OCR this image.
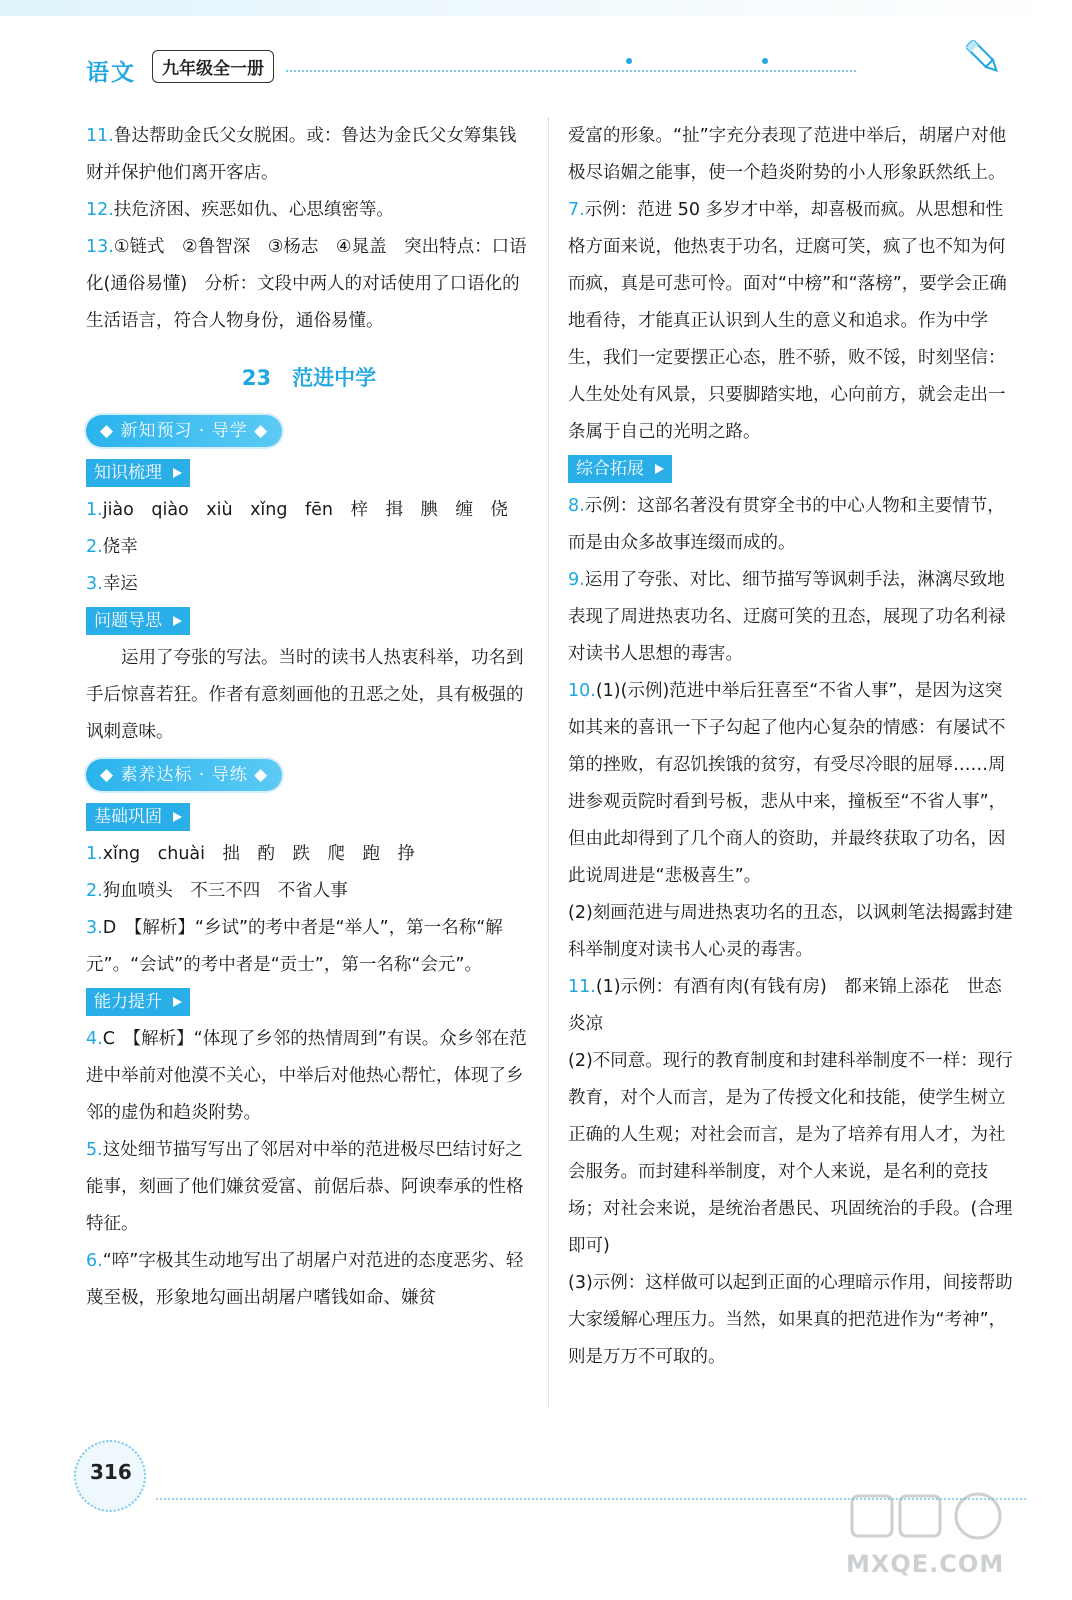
语文	九年级全一册

11.鲁达帮助金氏父女脱困。或：鲁达为金氏父女筹集钱财并保护他们离开客店。

12.扶危济困、疾恶如仇、心思缜密等。

13.①链式　②鲁智深　③杨志　④晁盖　突出特点：口语化(通俗易懂)　分析：文段中两人的对话使用了口语化的生活语言，符合人物身份，通俗易懂。

23　范进中学
◆ 新知预习 · 导学 ◆
知识梳理

1.jiào　qiào　xiù　xǐng　fēn　梓　揖　腆　缠　侥

2.侥幸

3.幸运

问题导思

运用了夸张的写法。当时的读书人热衷科举，功名到手后惊喜若狂。作者有意刻画他的丑恶之处，具有极强的讽刺意味。

◆ 素养达标 · 导练 ◆
基础巩固

1.xǐng　chuài　拙　酌　跌　爬　跑　挣

2.狗血喷头　不三不四　不省人事

3.D　【解析】“乡试”的考中者是“举人”，第一名称“解元”。“会试”的考中者是“贡士”，第一名称“会元”。

能力提升

4.C　【解析】“体现了乡邻的热情周到”有误。众乡邻在范进中举前对他漠不关心，中举后对他热心帮忙，体现了乡邻的虚伪和趋炎附势。

5.这处细节描写写出了邻居对中举的范进极尽巴结讨好之能事，刻画了他们嫌贫爱富、前倨后恭、阿谀奉承的性格特征。

6.“啐”字极其生动地写出了胡屠户对范进的态度恶劣、轻蔑至极，形象地勾画出胡屠户嗜钱如命、嫌贫

爱富的形象。“扯”字充分表现了范进中举后，胡屠户对他极尽谄媚之能事，使一个趋炎附势的小人形象跃然纸上。

7.示例：范进 50 多岁才中举，却喜极而疯。从思想和性格方面来说，他热衷于功名，迂腐可笑，疯了也不知为何而疯，真是可悲可怜。面对“中榜”和“落榜”，要学会正确地看待，才能真正认识到人生的意义和追求。作为中学生，我们一定要摆正心态，胜不骄，败不馁，时刻坚信：人生处处有风景，只要脚踏实地，心向前方，就会走出一条属于自己的光明之路。

综合拓展

8.示例：这部名著没有贯穿全书的中心人物和主要情节，而是由众多故事连缀而成的。

9.运用了夸张、对比、细节描写等讽刺手法，淋漓尽致地表现了周进热衷功名、迂腐可笑的丑态，展现了功名利禄对读书人思想的毒害。

10.(1)(示例)范进中举后狂喜至“不省人事”，是因为这突如其来的喜讯一下子勾起了他内心复杂的情感：有屡试不第的挫败，有忍饥挨饿的贫穷，有受尽冷眼的屈辱……周进参观贡院时看到号板，悲从中来，撞板至“不省人事”，但由此却得到了几个商人的资助，并最终获取了功名，因此说周进是“悲极喜生”。

(2)刻画范进与周进热衷功名的丑态，以讽刺笔法揭露封建科举制度对读书人心灵的毒害。

11.(1)示例：有酒有肉(有钱有房)　都来锦上添花　世态炎凉

(2)不同意。现行的教育制度和封建科举制度不一样：现行教育，对个人而言，是为了传授文化和技能，使学生树立正确的人生观；对社会而言，是为了培养有用人才，为社会服务。而封建科举制度，对个人来说，是名利的竞技场；对社会来说，是统治者愚民、巩固统治的手段。(合理即可)

(3)示例：这样做可以起到正面的心理暗示作用，间接帮助大家缓解心理压力。当然，如果真的把范进作为“考神”，则是万万不可取的。

316
MXQE.COM
